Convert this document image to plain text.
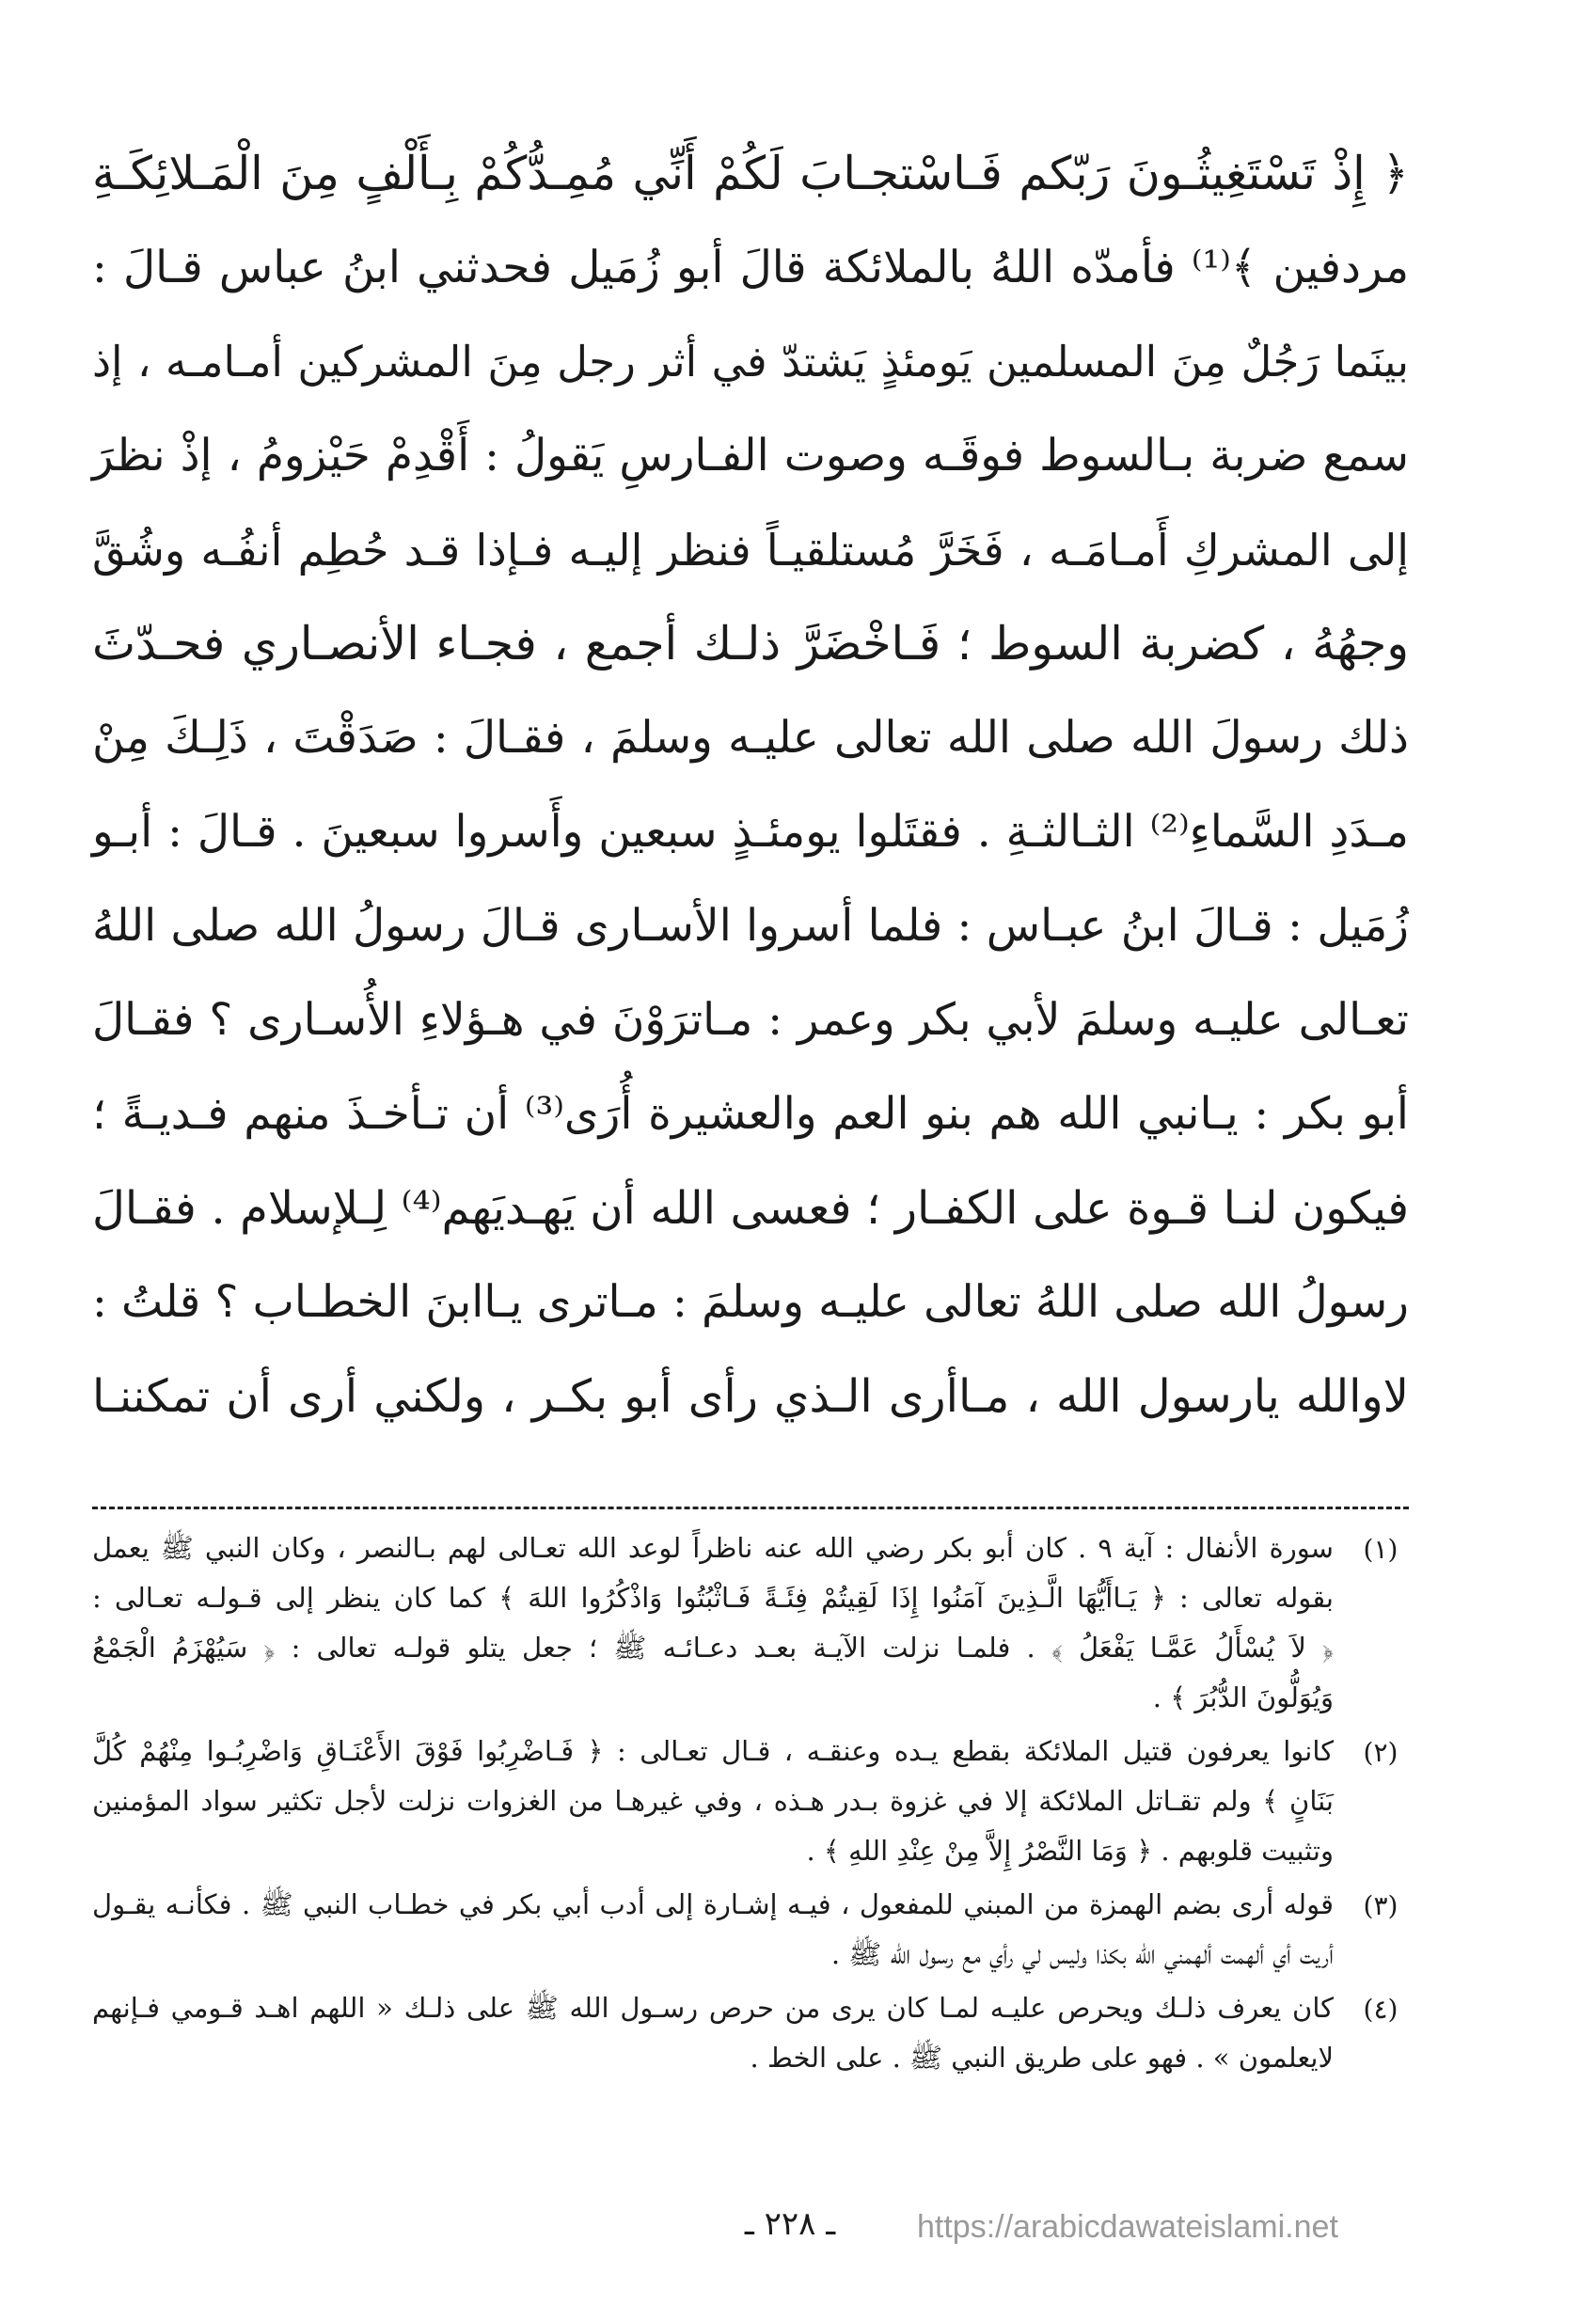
﴿ إِذْ تَسْتَغِيثُـونَ رَبّكم فَـاسْتجـابَ لَكُمْ أَنِّي مُمِـدُّكُمْ بِـأَلْفٍ مِنَ الْمَـلائِكَـةِ
مردفين ﴾⁽¹⁾ فأمدّه اللهُ بالملائكة قالَ أبو زُمَيل فحدثني ابنُ عباس قـالَ :
بينَما رَجُلٌ مِنَ المسلمين يَومئذٍ يَشتدّ في أثر رجل مِنَ المشركين أمـامـه ، إذ
سمع ضربة بـالسوط فوقَـه وصوت الفـارسِ يَقولُ : أَقْدِمْ حَيْزومُ ، إذْ نظرَ
إلى المشركِ أَمـامَـه ، فَخَرَّ مُستلقيـاً فنظر إليـه فـإذا قـد حُطِم أنفُـه وشُقَّ
وجهُهُ ، كضربة السوط ؛ فَـاخْضَرَّ ذلـك أجمع ، فجـاء الأنصـاري فحـدّثَ
ذلك رسولَ الله صلى الله تعالى عليـه وسلمَ ، فقـالَ : صَدَقْتَ ، ذَلِـكَ مِنْ
مـدَدِ السَّماءِ⁽²⁾ الثـالثـةِ . فقتَلوا يومئـذٍ سبعين وأَسروا سبعينَ . قـالَ : أبـو
زُمَيل : قـالَ ابنُ عبـاس : فلما أسروا الأسـارى قـالَ رسولُ الله صلى اللهُ
تعـالى عليـه وسلمَ لأبي بكر وعمر : مـاترَوْنَ في هـؤلاءِ الأُسـارى ؟ فقـالَ
أبو بكر : يـانبي الله هم بنو العم والعشيرة أُرَى⁽³⁾ أن تـأخـذَ منهم فـديـةً ؛
فيكون لنـا قـوة على الكفـار ؛ فعسى الله أن يَهـديَهم⁽⁴⁾ لِـلإسلام . فقـالَ
رسولُ الله صلى اللهُ تعالى عليـه وسلمَ : مـاترى يـاابنَ الخطـاب ؟ قلتُ :
لاوالله يارسول الله ، مـاأرى الـذي رأى أبو بكـر ، ولكني أرى أن تمكننـا
(١)
سورة الأنفال : آية ٩ . كان أبو بكر رضي الله عنه ناظراً لوعد الله تعـالى لهم بـالنصر ، وكان النبي ﷺ يعمل
بقوله تعالى : ﴿ يَـاأَيُّهَا الَّـذِينَ آمَنُوا إِذَا لَقِيتُمْ فِئَـةً فَـاثْبُتُوا وَاذْكُرُوا اللهَ ﴾ كما كان ينظر إلى قـولـه تعـالى :
﴿ لاَ يُسْأَلُ عَمَّـا يَفْعَلُ ﴾ . فلمـا نزلت الآيـة بعـد دعـائـه ﷺ ؛ جعل يتلو قولـه تعالى : ﴿ سَيُهْزَمُ الْجَمْعُ
وَيُوَلُّونَ الدُّبُرَ ﴾ .
(٢)
كانوا يعرفون قتيل الملائكة بقطع يـده وعنقـه ، قـال تعـالى : ﴿ فَـاضْرِبُوا فَوْقَ الأَعْنَـاقِ وَاضْرِبُـوا مِنْهُمْ كُلَّ
بَنَانٍ ﴾ ولم تقـاتل الملائكة إلا في غزوة بـدر هـذه ، وفي غيرهـا من الغزوات نزلت لأجل تكثير سواد المؤمنين
وتثبيت قلوبهم . ﴿ وَمَا النَّصْرُ إِلاَّ مِنْ عِنْدِ اللهِ ﴾ .
(٣)
قوله أرى بضم الهمزة من المبني للمفعول ، فيـه إشـارة إلى أدب أبي بكر في خطـاب النبي ﷺ . فكأنـه يقـول
أريت أي ألهمت ألهمني الله بكذا وليس لي رأي مع رسول الله ﷺ .
(٤)
كان يعرف ذلـك ويحرص عليـه لمـا كان يرى من حرص رسـول الله ﷺ على ذلـك « اللهم اهـد قـومي فـإنهم
لايعلمون » . فهو على طريق النبي ﷺ . على الخط .
ـ ٢٢٨ ـ	https://arabicdawateislami.net
